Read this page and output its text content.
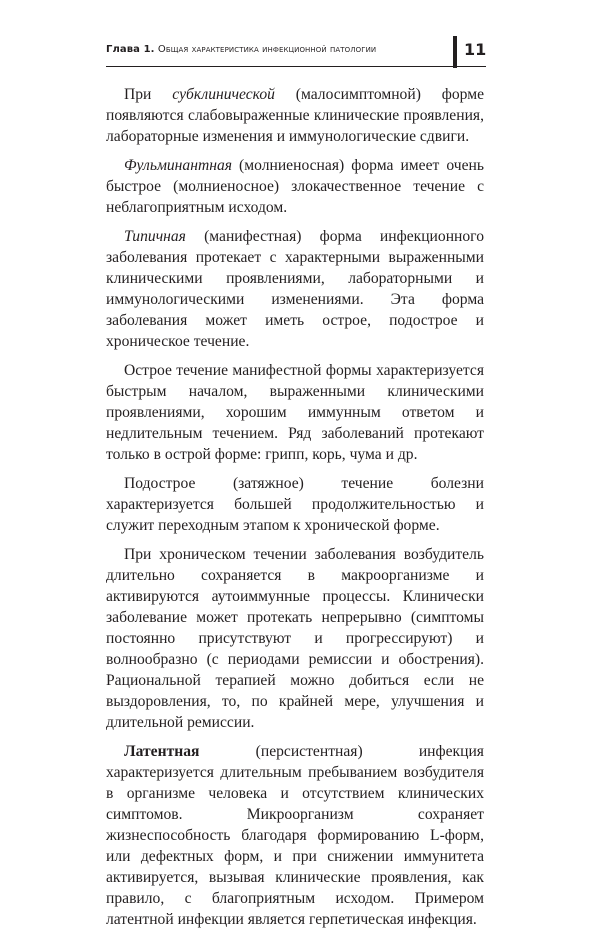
Глава 1. Общая характеристика инфекционной патологии	11

При субклинической (малосимптомной) форме появляются слабовыраженные клинические проявления, лабораторные изменения и иммунологические сдвиги.

Фульминантная (молниеносная) форма имеет очень быстрое (молниеносное) злокачественное течение с неблагоприятным исходом.

Типичная (манифестная) форма инфекционного заболевания протекает с характерными выраженными клиническими проявлениями, лабораторными и иммунологическими изменениями. Эта форма заболевания может иметь острое, подострое и хроническое течение.

Острое течение манифестной формы характеризуется быстрым началом, выраженными клиническими проявлениями, хорошим иммунным ответом и недлительным течением. Ряд заболеваний протекают только в острой форме: грипп, корь, чума и др.

Подострое (затяжное) течение болезни характеризуется большей продолжительностью и служит переходным этапом к хронической форме.

При хроническом течении заболевания возбудитель длительно сохраняется в макроорганизме и активируются аутоиммунные процессы. Клинически заболевание может протекать непрерывно (симптомы постоянно присутствуют и прогрессируют) и волнообразно (с периодами ремиссии и обострения). Рациональной терапией можно добиться если не выздоровления, то, по крайней мере, улучшения и длительной ремиссии.

Латентная (персистентная) инфекция характеризуется длительным пребыванием возбудителя в организме человека и отсутствием клинических симптомов. Микроорганизм сохраняет жизнеспособность благодаря формированию L-форм, или дефектных форм, и при снижении иммунитета активируется, вызывая клинические проявления, как правило, с благоприятным исходом. Примером латентной инфекции является герпетическая инфекция.
